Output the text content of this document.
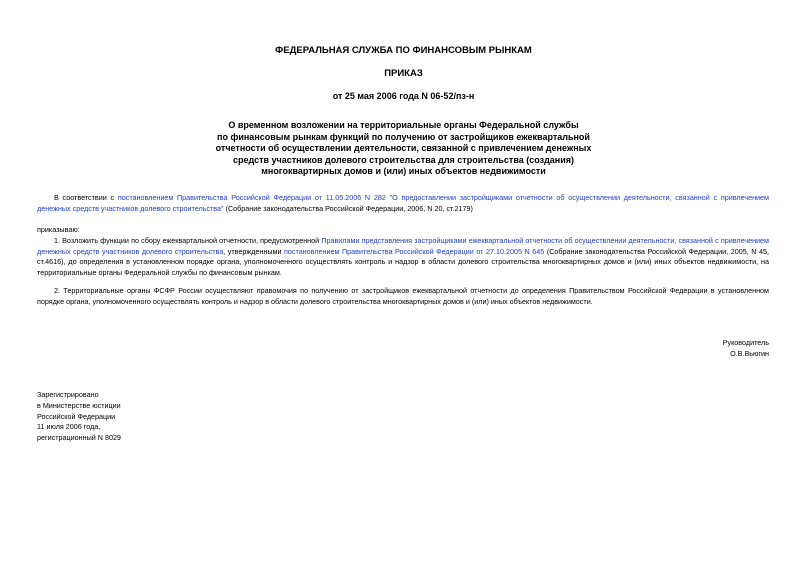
ФЕДЕРАЛЬНАЯ СЛУЖБА ПО ФИНАНСОВЫМ РЫНКАМ
ПРИКАЗ
от 25 мая 2006 года N 06-52/пз-н
О временном возложении на территориальные органы Федеральной службы
по финансовым рынкам функций по получению от застройщиков ежеквартальной
отчетности об осуществлении деятельности, связанной с привлечением денежных
средств участников долевого строительства для строительства (создания)
многоквартирных домов и (или) иных объектов недвижимости
В соответствии с постановлением Правительства Российской Федерации от 11.05.2006 N 282 "О предоставлении застройщиками отчетности об осуществлении деятельности, связанной с привлечением денежных средств участников долевого строительства" (Собрание законодательства Российской Федерации, 2006, N 20, ст.2179)
приказываю:
1. Возложить функции по сбору ежеквартальной отчетности, предусмотренной Правилами представления застройщиками ежеквартальной отчетности об осуществлении деятельности, связанной с привлечением денежных средств участников долевого строительства, утвержденными постановлением Правительства Российской Федерации от 27.10.2005 N 645 (Собрание законодательства Российской Федерации, 2005, N 45, ст.4616), до определения в установленном порядке органа, уполномоченного осуществлять контроль и надзор в области долевого строительства многоквартирных домов и (или) иных объектов недвижимости, на территориальные органы Федеральной службы по финансовым рынкам.
2. Территориальные органы ФСФР России осуществляют правомочия по получению от застройщиков ежеквартальной отчетности до определения Правительством Российской Федерации в установленном порядке органа, уполномоченного осуществлять контроль и надзор в области долевого строительства многоквартирных домов и (или) иных объектов недвижимости.
Руководитель
О.В.Вьюгин
Зарегистрировано
в Министерстве юстиции
Российской Федерации
11 июля 2006 года,
регистрационный N 8029
